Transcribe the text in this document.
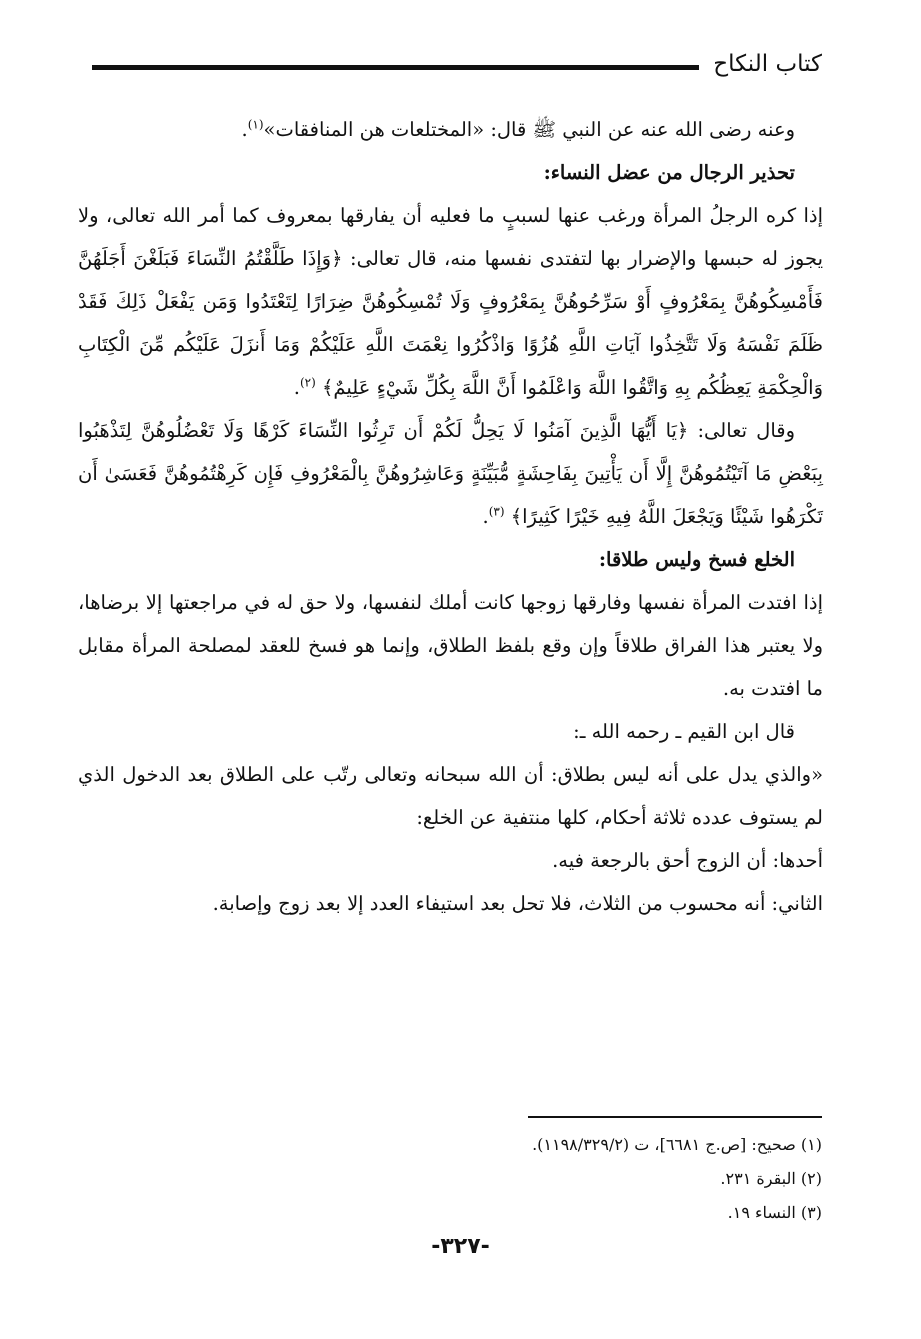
كتاب النكاح

وعنه رضى الله عنه عن النبي ﷺ قال: «المختلعات هن المنافقات»$^{(١)}$.

تحذير الرجال من عضل النساء:

إذا كره الرجلُ المرأة ورغب عنها لسببٍ ما فعليه أن يفارقها بمعروف كما أمر الله تعالى، ولا يجوز له حبسها والإضرار بها لتفتدى نفسها منه، قال تعالى: ﴿وَإِذَا طَلَّقْتُمُ النِّسَاءَ فَبَلَغْنَ أَجَلَهُنَّ فَأَمْسِكُوهُنَّ بِمَعْرُوفٍ أَوْ سَرِّحُوهُنَّ بِمَعْرُوفٍ وَلَا تُمْسِكُوهُنَّ ضِرَارًا لِتَعْتَدُوا وَمَن يَفْعَلْ ذَلِكَ فَقَدْ ظَلَمَ نَفْسَهُ وَلَا تَتَّخِذُوا آيَاتِ اللَّهِ هُزُوًا وَاذْكُرُوا نِعْمَتَ اللَّهِ عَلَيْكُمْ وَمَا أَنزَلَ عَلَيْكُم مِّنَ الْكِتَابِ وَالْحِكْمَةِ يَعِظُكُم بِهِ وَاتَّقُوا اللَّهَ وَاعْلَمُوا أَنَّ اللَّهَ بِكُلِّ شَيْءٍ عَلِيمٌ﴾ $^{(٢)}$.

وقال تعالى: ﴿يَا أَيُّهَا الَّذِينَ آمَنُوا لَا يَحِلُّ لَكُمْ أَن تَرِثُوا النِّسَاءَ كَرْهًا وَلَا تَعْضُلُوهُنَّ لِتَذْهَبُوا بِبَعْضِ مَا آتَيْتُمُوهُنَّ إِلَّا أَن يَأْتِينَ بِفَاحِشَةٍ مُّبَيِّنَةٍ وَعَاشِرُوهُنَّ بِالْمَعْرُوفِ فَإِن كَرِهْتُمُوهُنَّ فَعَسَىٰ أَن تَكْرَهُوا شَيْئًا وَيَجْعَلَ اللَّهُ فِيهِ خَيْرًا كَثِيرًا﴾ $^{(٣)}$.

الخلع فسخ وليس طلاقا:

إذا افتدت المرأة نفسها وفارقها زوجها كانت أملك لنفسها، ولا حق له في مراجعتها إلا برضاها، ولا يعتبر هذا الفراق طلاقاً وإن وقع بلفظ الطلاق، وإنما هو فسخ للعقد لمصلحة المرأة مقابل ما افتدت به.

قال ابن القيم ـ رحمه الله ـ:

«والذي يدل على أنه ليس بطلاق: أن الله سبحانه وتعالى رتّب على الطلاق بعد الدخول الذي لم يستوف عدده ثلاثة أحكام، كلها منتفية عن الخلع:

أحدها: أن الزوج أحق بالرجعة فيه.

الثاني: أنه محسوب من الثلاث، فلا تحل بعد استيفاء العدد إلا بعد زوج وإصابة.

(١) صحيح: [ص.ج ٦٦٨١]، ت (١١٩٨/٣٢٩/٢).
(٢) البقرة ٢٣١.
(٣) النساء ١٩.
-٣٢٧-
